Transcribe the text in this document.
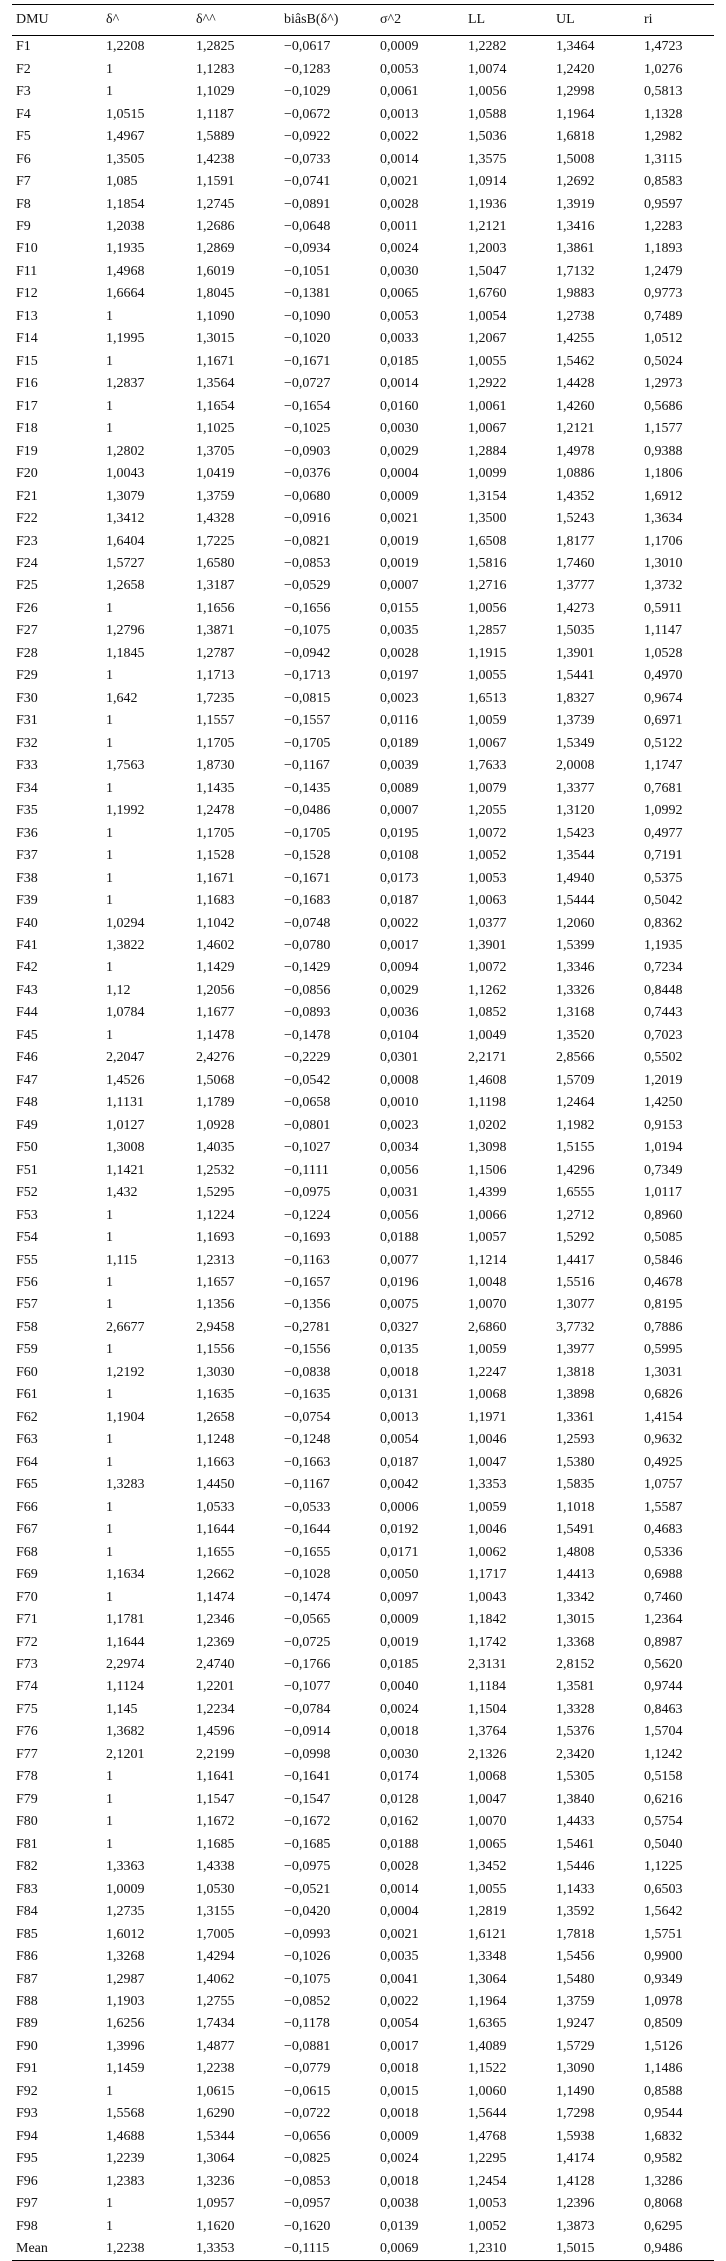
DMU	δ^	δ^^	biâsB(δ^)	σ^2	LL	UL	ri
F1	1,2208	1,2825	−0,0617	0,0009	1,2282	1,3464	1,4723
F2	1	1,1283	−0,1283	0,0053	1,0074	1,2420	1,0276
F3	1	1,1029	−0,1029	0,0061	1,0056	1,2998	0,5813
F4	1,0515	1,1187	−0,0672	0,0013	1,0588	1,1964	1,1328
F5	1,4967	1,5889	−0,0922	0,0022	1,5036	1,6818	1,2982
F6	1,3505	1,4238	−0,0733	0,0014	1,3575	1,5008	1,3115
F7	1,085	1,1591	−0,0741	0,0021	1,0914	1,2692	0,8583
F8	1,1854	1,2745	−0,0891	0,0028	1,1936	1,3919	0,9597
F9	1,2038	1,2686	−0,0648	0,0011	1,2121	1,3416	1,2283
F10	1,1935	1,2869	−0,0934	0,0024	1,2003	1,3861	1,1893
F11	1,4968	1,6019	−0,1051	0,0030	1,5047	1,7132	1,2479
F12	1,6664	1,8045	−0,1381	0,0065	1,6760	1,9883	0,9773
F13	1	1,1090	−0,1090	0,0053	1,0054	1,2738	0,7489
F14	1,1995	1,3015	−0,1020	0,0033	1,2067	1,4255	1,0512
F15	1	1,1671	−0,1671	0,0185	1,0055	1,5462	0,5024
F16	1,2837	1,3564	−0,0727	0,0014	1,2922	1,4428	1,2973
F17	1	1,1654	−0,1654	0,0160	1,0061	1,4260	0,5686
F18	1	1,1025	−0,1025	0,0030	1,0067	1,2121	1,1577
F19	1,2802	1,3705	−0,0903	0,0029	1,2884	1,4978	0,9388
F20	1,0043	1,0419	−0,0376	0,0004	1,0099	1,0886	1,1806
F21	1,3079	1,3759	−0,0680	0,0009	1,3154	1,4352	1,6912
F22	1,3412	1,4328	−0,0916	0,0021	1,3500	1,5243	1,3634
F23	1,6404	1,7225	−0,0821	0,0019	1,6508	1,8177	1,1706
F24	1,5727	1,6580	−0,0853	0,0019	1,5816	1,7460	1,3010
F25	1,2658	1,3187	−0,0529	0,0007	1,2716	1,3777	1,3732
F26	1	1,1656	−0,1656	0,0155	1,0056	1,4273	0,5911
F27	1,2796	1,3871	−0,1075	0,0035	1,2857	1,5035	1,1147
F28	1,1845	1,2787	−0,0942	0,0028	1,1915	1,3901	1,0528
F29	1	1,1713	−0,1713	0,0197	1,0055	1,5441	0,4970
F30	1,642	1,7235	−0,0815	0,0023	1,6513	1,8327	0,9674
F31	1	1,1557	−0,1557	0,0116	1,0059	1,3739	0,6971
F32	1	1,1705	−0,1705	0,0189	1,0067	1,5349	0,5122
F33	1,7563	1,8730	−0,1167	0,0039	1,7633	2,0008	1,1747
F34	1	1,1435	−0,1435	0,0089	1,0079	1,3377	0,7681
F35	1,1992	1,2478	−0,0486	0,0007	1,2055	1,3120	1,0992
F36	1	1,1705	−0,1705	0,0195	1,0072	1,5423	0,4977
F37	1	1,1528	−0,1528	0,0108	1,0052	1,3544	0,7191
F38	1	1,1671	−0,1671	0,0173	1,0053	1,4940	0,5375
F39	1	1,1683	−0,1683	0,0187	1,0063	1,5444	0,5042
F40	1,0294	1,1042	−0,0748	0,0022	1,0377	1,2060	0,8362
F41	1,3822	1,4602	−0,0780	0,0017	1,3901	1,5399	1,1935
F42	1	1,1429	−0,1429	0,0094	1,0072	1,3346	0,7234
F43	1,12	1,2056	−0,0856	0,0029	1,1262	1,3326	0,8448
F44	1,0784	1,1677	−0,0893	0,0036	1,0852	1,3168	0,7443
F45	1	1,1478	−0,1478	0,0104	1,0049	1,3520	0,7023
F46	2,2047	2,4276	−0,2229	0,0301	2,2171	2,8566	0,5502
F47	1,4526	1,5068	−0,0542	0,0008	1,4608	1,5709	1,2019
F48	1,1131	1,1789	−0,0658	0,0010	1,1198	1,2464	1,4250
F49	1,0127	1,0928	−0,0801	0,0023	1,0202	1,1982	0,9153
F50	1,3008	1,4035	−0,1027	0,0034	1,3098	1,5155	1,0194
F51	1,1421	1,2532	−0,1111	0,0056	1,1506	1,4296	0,7349
F52	1,432	1,5295	−0,0975	0,0031	1,4399	1,6555	1,0117
F53	1	1,1224	−0,1224	0,0056	1,0066	1,2712	0,8960
F54	1	1,1693	−0,1693	0,0188	1,0057	1,5292	0,5085
F55	1,115	1,2313	−0,1163	0,0077	1,1214	1,4417	0,5846
F56	1	1,1657	−0,1657	0,0196	1,0048	1,5516	0,4678
F57	1	1,1356	−0,1356	0,0075	1,0070	1,3077	0,8195
F58	2,6677	2,9458	−0,2781	0,0327	2,6860	3,7732	0,7886
F59	1	1,1556	−0,1556	0,0135	1,0059	1,3977	0,5995
F60	1,2192	1,3030	−0,0838	0,0018	1,2247	1,3818	1,3031
F61	1	1,1635	−0,1635	0,0131	1,0068	1,3898	0,6826
F62	1,1904	1,2658	−0,0754	0,0013	1,1971	1,3361	1,4154
F63	1	1,1248	−0,1248	0,0054	1,0046	1,2593	0,9632
F64	1	1,1663	−0,1663	0,0187	1,0047	1,5380	0,4925
F65	1,3283	1,4450	−0,1167	0,0042	1,3353	1,5835	1,0757
F66	1	1,0533	−0,0533	0,0006	1,0059	1,1018	1,5587
F67	1	1,1644	−0,1644	0,0192	1,0046	1,5491	0,4683
F68	1	1,1655	−0,1655	0,0171	1,0062	1,4808	0,5336
F69	1,1634	1,2662	−0,1028	0,0050	1,1717	1,4413	0,6988
F70	1	1,1474	−0,1474	0,0097	1,0043	1,3342	0,7460
F71	1,1781	1,2346	−0,0565	0,0009	1,1842	1,3015	1,2364
F72	1,1644	1,2369	−0,0725	0,0019	1,1742	1,3368	0,8987
F73	2,2974	2,4740	−0,1766	0,0185	2,3131	2,8152	0,5620
F74	1,1124	1,2201	−0,1077	0,0040	1,1184	1,3581	0,9744
F75	1,145	1,2234	−0,0784	0,0024	1,1504	1,3328	0,8463
F76	1,3682	1,4596	−0,0914	0,0018	1,3764	1,5376	1,5704
F77	2,1201	2,2199	−0,0998	0,0030	2,1326	2,3420	1,1242
F78	1	1,1641	−0,1641	0,0174	1,0068	1,5305	0,5158
F79	1	1,1547	−0,1547	0,0128	1,0047	1,3840	0,6216
F80	1	1,1672	−0,1672	0,0162	1,0070	1,4433	0,5754
F81	1	1,1685	−0,1685	0,0188	1,0065	1,5461	0,5040
F82	1,3363	1,4338	−0,0975	0,0028	1,3452	1,5446	1,1225
F83	1,0009	1,0530	−0,0521	0,0014	1,0055	1,1433	0,6503
F84	1,2735	1,3155	−0,0420	0,0004	1,2819	1,3592	1,5642
F85	1,6012	1,7005	−0,0993	0,0021	1,6121	1,7818	1,5751
F86	1,3268	1,4294	−0,1026	0,0035	1,3348	1,5456	0,9900
F87	1,2987	1,4062	−0,1075	0,0041	1,3064	1,5480	0,9349
F88	1,1903	1,2755	−0,0852	0,0022	1,1964	1,3759	1,0978
F89	1,6256	1,7434	−0,1178	0,0054	1,6365	1,9247	0,8509
F90	1,3996	1,4877	−0,0881	0,0017	1,4089	1,5729	1,5126
F91	1,1459	1,2238	−0,0779	0,0018	1,1522	1,3090	1,1486
F92	1	1,0615	−0,0615	0,0015	1,0060	1,1490	0,8588
F93	1,5568	1,6290	−0,0722	0,0018	1,5644	1,7298	0,9544
F94	1,4688	1,5344	−0,0656	0,0009	1,4768	1,5938	1,6832
F95	1,2239	1,3064	−0,0825	0,0024	1,2295	1,4174	0,9582
F96	1,2383	1,3236	−0,0853	0,0018	1,2454	1,4128	1,3286
F97	1	1,0957	−0,0957	0,0038	1,0053	1,2396	0,8068
F98	1	1,1620	−0,1620	0,0139	1,0052	1,3873	0,6295
Mean	1,2238	1,3353	−0,1115	0,0069	1,2310	1,5015	0,9486
